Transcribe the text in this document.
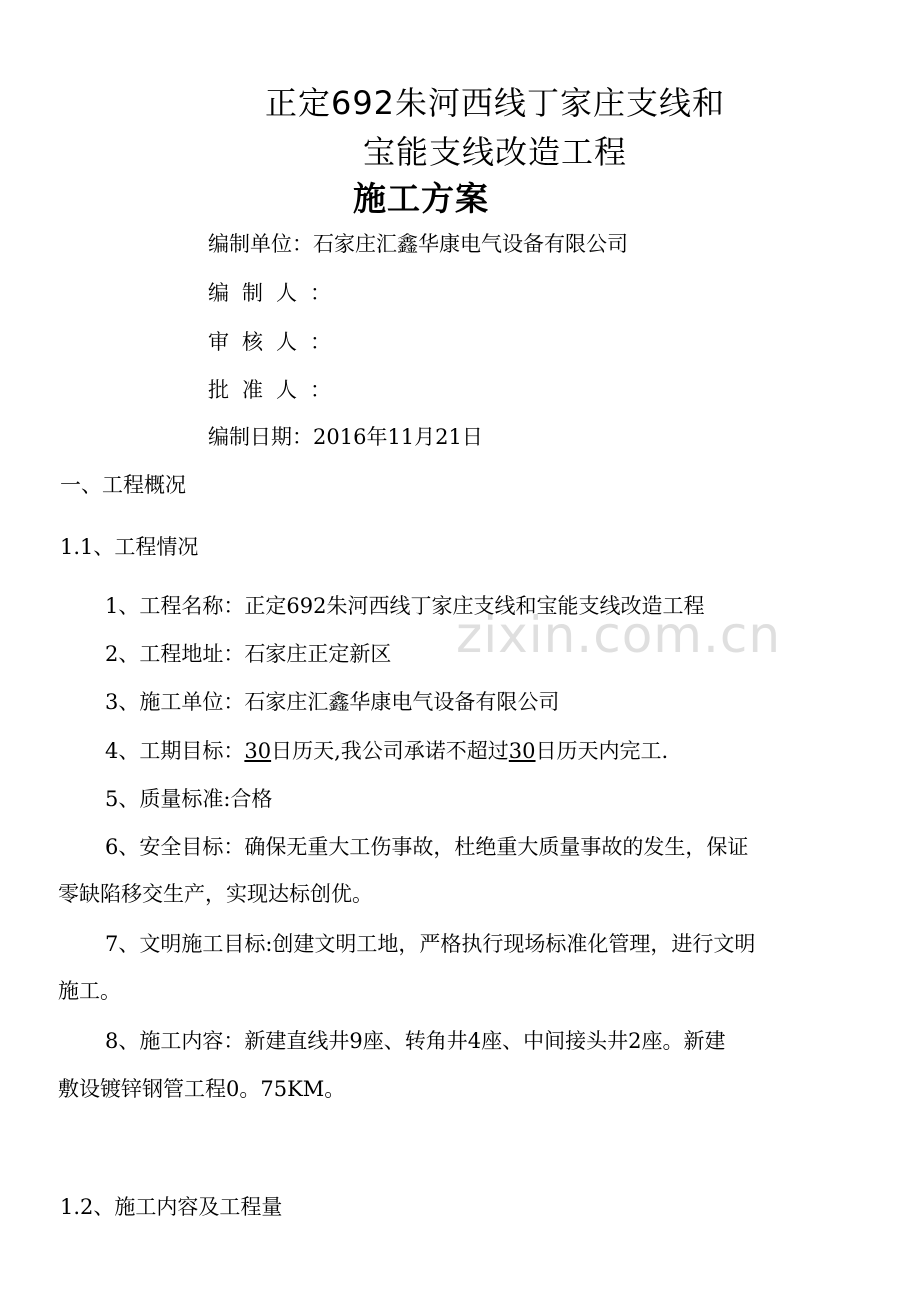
正定692朱河西线丁家庄支线和
宝能支线改造工程
施工方案
编制单位：石家庄汇鑫华康电气设备有限公司
编制人：
审核人：
批准人：
编制日期：2016年11月21日
一、工程概况
1.1、工程情况
1、工程名称：正定692朱河西线丁家庄支线和宝能支线改造工程
2、工程地址：石家庄正定新区
3、施工单位：石家庄汇鑫华康电气设备有限公司
4、工期目标：30日历天,我公司承诺不超过30日历天内完工.
5、质量标准:合格
6、安全目标：确保无重大工伤事故，杜绝重大质量事故的发生，保证
零缺陷移交生产，实现达标创优。
7、文明施工目标:创建文明工地，严格执行现场标准化管理，进行文明
施工。
8、施工内容：新建直线井9座、转角井4座、中间接头井2座。新建
敷设镀锌钢管工程0。75KM。
1.2、施工内容及工程量
zixin.com.cn
